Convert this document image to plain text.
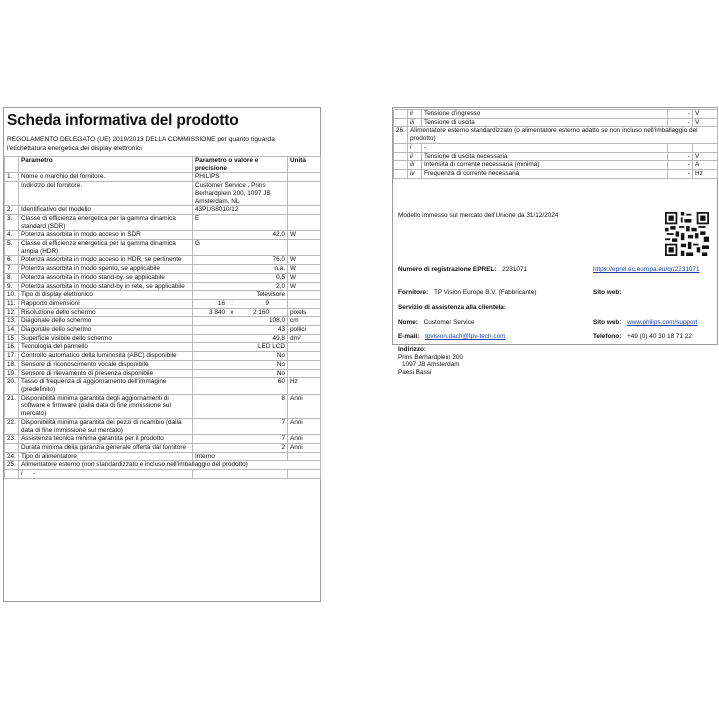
Scheda informativa del prodotto
REGOLAMENTO DELEGATO (UE) 2019/2013 DELLA COMMISSIONE per quanto riguarda l'etichettatura energetica dei display elettronici
	Parametro	Parametro o valore e precisione	Unità
1.	Nome o marchio del fornitore.	PHILIPS	
	Indirizzo del fornitore.	Customer Service , Prins Berhardplein 200, 1097 JB Amsterdam, NL	
2.	Identificativo del modello	43PUS8010/12	
3.	Classe di efficienza energetica per la gamma dinamica standard (SDR)	E	
4.	Potenza assorbita in modo acceso in SDR	42,0	W
5.	Classe di efficienza energetica per la gamma dinamica ampia (HDR)	G	
6.	Potenza assorbita in modo acceso in HDR, se pertinente	76,0	W
7.	Potenza assorbita in modo spento, se applicabile	n.a.	W
8.	Potenza assorbita in modo stand-by, se applicabile	0,5	W
9.	Potenza assorbita in modo stand-by in rete, se applicabile	2,0	W
10.	Tipo di display elettronico	Televisore	
11.	Rapporto dimensioni	16 : 9	
12.	Risoluzione dello schermo	3 840 x 2 160	pixels
13.	Diagonale dello schermo	108,0	cm
14.	Diagonale dello schermo	43	pollici
15.	Superficie visibile dello schermo	49,8	dm²
16.	Tecnologia del pannello	LED LCD	
17.	Controllo automatico della luminosità (ABC) disponibile	No	
18.	Sensore di riconoscimento vocale disponibile	No	
19.	Sensore di rilevamento di presenza disponibile	No	
20.	Tasso di frequenza di aggiornamento dell'immagine (predefinito)	60	Hz
21.	Disponibilità minima garantita degli aggiornamenti di software e firmware (dalla data di fine immissione sul mercato)	8	Anni
22.	Disponibilità minima garantita dei pezzi di ricambio (dalla data di fine immissione sul mercato)	7	Anni
23.	Assistenza tecnica minima garantita per il prodotto	7	Anni
	Durata minima della garanzia generale offerta dal fornitore	2	Anni
24.	Tipo di alimentatore	Interno	
25.	Alimentatore esterno (non standardizzato e incluso nell'imballaggio del prodotto)		
	i -		
	ii	Tensione d'ingresso	-	V
	iii	Tensione di uscita	-	V
26.	Alimentatore esterno standardizzato (o alimentatore esterno adatto se non incluso nell'imballaggio del prodotto)			
	i	-		
	ii	Tensione di uscita necessaria	-	V
	iii	Intensità di corrente necessaria (minima)	-	A
	iv	Frequenza di corrente necessaria	-	Hz
Modello immesso sul mercato dell'Unione da 31/12/2024
Numero di registrazione EPREL: 2231071	https://eprel.ec.europa.eu/qr/2231071
Fornitore: TP Vision Europe B.V. (Fabbricante)	Sito web:
Servizio di assistenza alla clientela:
Nome: Customer Service	Sito web: www.philips.com/support
E-mail: tpvision.dach@tpv-tech.com	Telefono: +49 (0) 40 30 18 71 22
Indirizzo:
Prins Berhardplein 200
1097 JB Amsterdam
Paesi Bassi
